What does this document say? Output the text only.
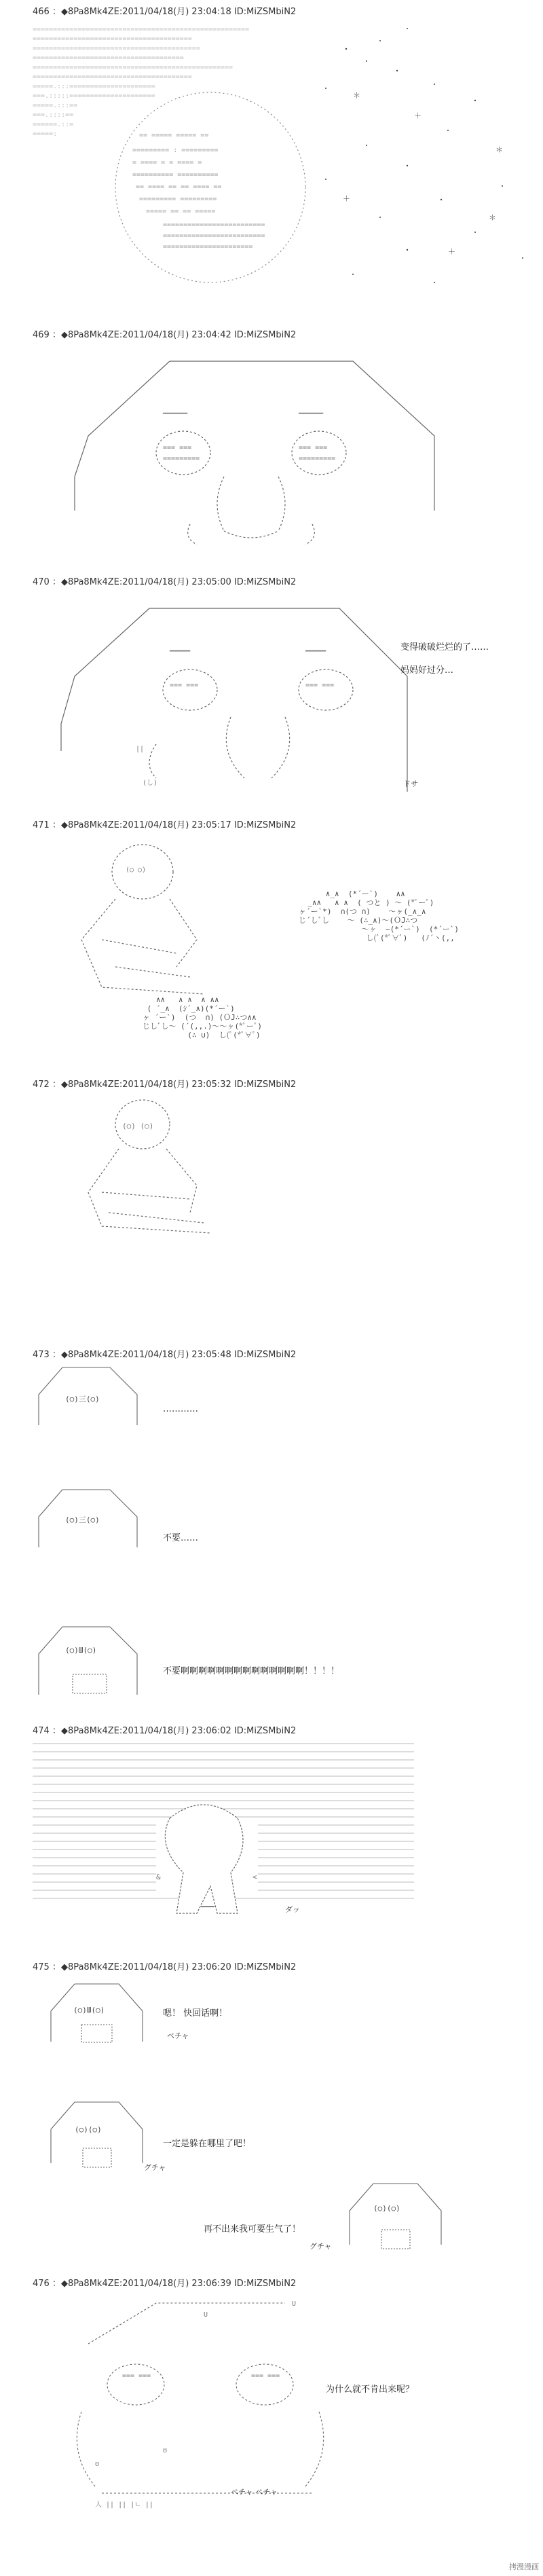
466 ：◆8Pa8Mk4ZE:2011/04/18(月) 23:04:18 ID:MiZSMbiN2
=====================================================
=======================================
=========================================
=====================================
=================================================
=======================================
=====.:::=====================
===.:::::=====================
=====.:::==
===.::::==
======.::=
=====:	== ===== ===== ==
========= : =========
= ==== = = ==== =
========== ==========
== ==== == == ==== ==
========= =========
===== == == =====
=========================
=========================
======================
＊
＋
＊
＋
＊
＋
469 ：◆8Pa8Mk4ZE:2011/04/18(月) 23:04:42 ID:MiZSMbiN2
━━━━━━	━━━━━━
=== ===
=========
=== ===
=========
470 ：◆8Pa8Mk4ZE:2011/04/18(月) 23:05:00 ID:MiZSMbiN2
━━━━━	━━━━━
=== ===	=== ===
||
(し)
变得破破烂烂的了……
妈妈好过分…
ドサ
471 ：◆8Pa8Mk4ZE:2011/04/18(月) 23:05:17 ID:MiZSMbiN2
(○ ○)
∧_∧  (*´ー`)    ∧∧
_∧∧   ∧ ∧  ( つと ) ～ (*ﾟーﾟ)
ヶ´ー`*)  ∩(つ ∩)    ～ヶ(_∧_∧
じ´しﾞし    ～ (∴_∧)～(ＯJ∴つ
～ヶ  ~(*´ー`)  (*´ー`)
し(ﾟ(*ﾟ∀ﾟ)   (ﾉ´ヽ(,,
∧∧   ∧ ∧  ∧ ∧∧
( ´_∧  (ｼ´_∧)(*´ー`)
ヶ ´ー`)  (つ  ∩) (ＯJ∴つ∧∧
じしﾞし～ (´(,,.)～～ヶ(*ﾟーﾟ)
(∴ ∪)  し(ﾟ(*ﾟ∀ﾟ)
472 ：◆8Pa8Mk4ZE:2011/04/18(月) 23:05:32 ID:MiZSMbiN2
(○) (○)
473 ：◆8Pa8Mk4ZE:2011/04/18(月) 23:05:48 ID:MiZSMbiN2
(○)三(○)
…………
(○)三(○)
不要……
(○)Ш(○)
不要啊啊啊啊啊啊啊啊啊啊啊啊啊啊！！！！
474 ：◆8Pa8Mk4ZE:2011/04/18(月) 23:06:02 ID:MiZSMbiN2
&	<
━━━	ダッ
475 ：◆8Pa8Mk4ZE:2011/04/18(月) 23:06:20 ID:MiZSMbiN2
(○)Ш(○)	嗯！ 快回话啊！
ペチャ
(○)(○)
一定是躲在哪里了吧！
グチャ
(○)(○)
再不出来我可要生气了！
グチャ
476 ：◆8Pa8Mk4ZE:2011/04/18(月) 23:06:39 ID:MiZSMbiN2
U
U
=== ===	=== ===
ʊ
ʊ
人 || || |ㄴ ||
为什么就不肯出来呢？
ペチャ ペチャ
拷漫漫画
